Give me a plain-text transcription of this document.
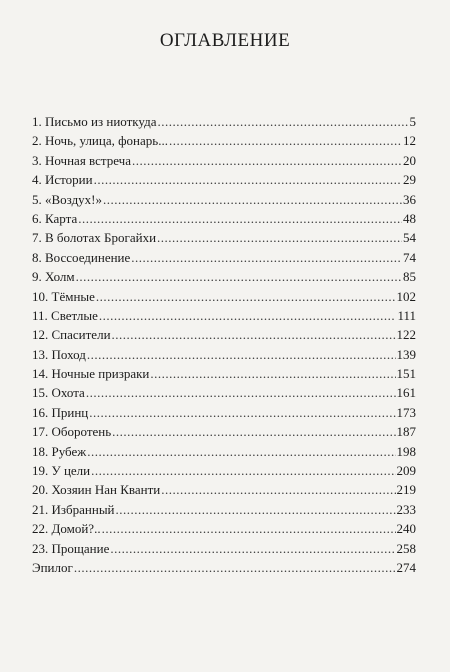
ОГЛАВЛЕНИЕ
1. Письмо из ниоткуда .....	5
2. Ночь, улица, фонарь... .....	12
3. Ночная встреча .....	20
4. Истории .....	29
5. «Воздух!» .....	36
6. Карта .....	48
7. В болотах Брогайхи .....	54
8. Воссоединение .....	74
9. Холм .....	85
10. Тёмные .....	102
11. Светлые .....	111
12. Спасители .....	122
13. Поход .....	139
14. Ночные призраки .....	151
15. Охота .....	161
16. Принц .....	173
17. Оборотень .....	187
18. Рубеж .....	198
19. У цели .....	209
20. Хозяин Нан Кванти .....	219
21. Избранный .....	233
22. Домой?.. .....	240
23. Прощание .....	258
Эпилог .....	274
